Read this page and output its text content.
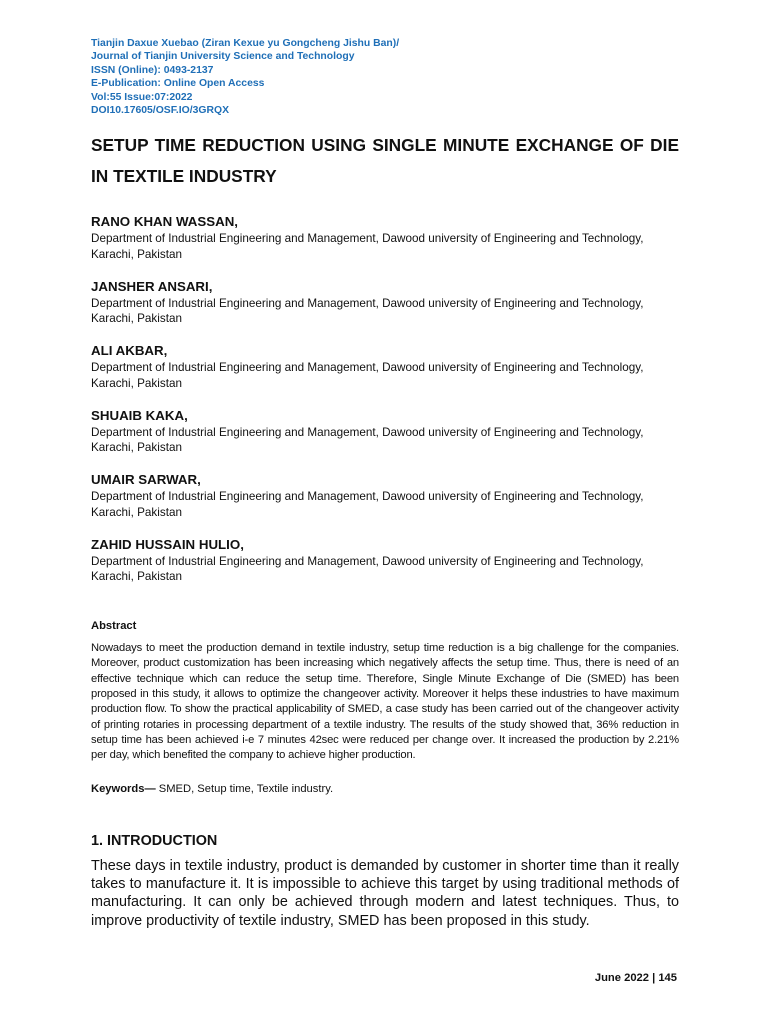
Tianjin Daxue Xuebao (Ziran Kexue yu Gongcheng Jishu Ban)/
Journal of Tianjin University Science and Technology
ISSN (Online): 0493-2137
E-Publication: Online Open Access
Vol:55 Issue:07:2022
DOI10.17605/OSF.IO/3GRQX
SETUP TIME REDUCTION USING SINGLE MINUTE EXCHANGE OF DIE IN TEXTILE INDUSTRY
RANO KHAN WASSAN,
Department of Industrial Engineering and Management, Dawood university of Engineering and Technology,
Karachi, Pakistan
JANSHER ANSARI,
Department of Industrial Engineering and Management, Dawood university of Engineering and Technology,
Karachi, Pakistan
ALI AKBAR,
Department of Industrial Engineering and Management, Dawood university of Engineering and Technology,
Karachi, Pakistan
SHUAIB KAKA,
Department of Industrial Engineering and Management, Dawood university of Engineering and Technology,
Karachi, Pakistan
UMAIR SARWAR,
Department of Industrial Engineering and Management, Dawood university of Engineering and Technology,
Karachi, Pakistan
ZAHID HUSSAIN HULIO,
Department of Industrial Engineering and Management, Dawood university of Engineering and Technology,
Karachi, Pakistan
Abstract
Nowadays to meet the production demand in textile industry, setup time reduction is a big challenge for the companies. Moreover, product customization has been increasing which negatively affects the setup time. Thus, there is need of an effective technique which can reduce the setup time. Therefore, Single Minute Exchange of Die (SMED) has been proposed in this study, it allows to optimize the changeover activity. Moreover it helps these industries to have maximum production flow. To show the practical applicability of SMED, a case study has been carried out of the changeover activity of printing rotaries in processing department of a textile industry. The results of the study showed that, 36% reduction in setup time has been achieved i-e 7 minutes 42sec were reduced per change over. It increased the production by 2.21% per day, which benefited the company to achieve higher production.
Keywords— SMED, Setup time, Textile industry.
1. INTRODUCTION
These days in textile industry, product is demanded by customer in shorter time than it really takes to manufacture it. It is impossible to achieve this target by using traditional methods of manufacturing. It can only be achieved through modern and latest techniques. Thus, to improve productivity of textile industry, SMED has been proposed in this study.
June 2022 | 145
